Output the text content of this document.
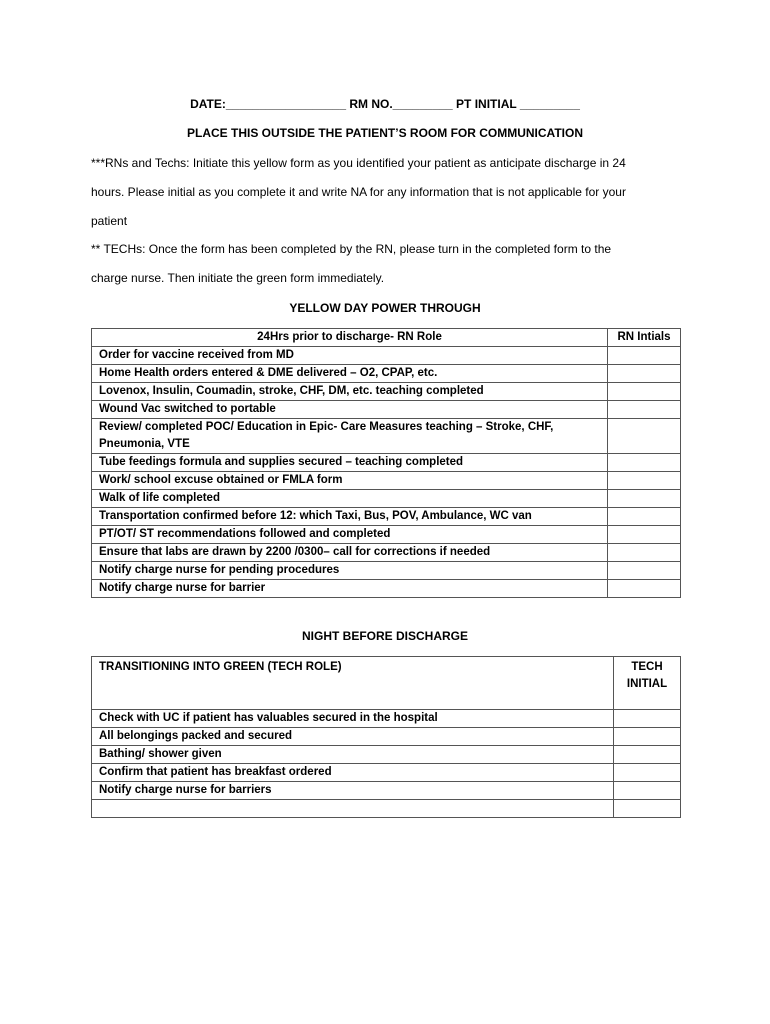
DATE:__________________ RM NO._________ PT INITIAL _________
PLACE THIS OUTSIDE THE PATIENT’S ROOM FOR COMMUNICATION
***RNs and Techs: Initiate this yellow form as you identified your patient as anticipate discharge in 24
hours. Please initial as you complete it and write NA for any information that is not applicable for your
patient
** TECHs: Once the form has been completed by the RN, please turn in the completed form to the
charge nurse. Then initiate the green form immediately.
YELLOW DAY POWER THROUGH
24Hrs prior to discharge- RN Role	RN Intials
Order for vaccine received from MD	
Home Health orders entered & DME delivered – O2, CPAP, etc.	
Lovenox, Insulin, Coumadin, stroke, CHF, DM, etc. teaching completed	
Wound Vac switched to portable	

Review/ completed POC/ Education in Epic- Care Measures teaching – Stroke, CHF,
Pneumonia, VTE	

Tube feedings formula and supplies secured – teaching completed	
Work/ school excuse obtained or FMLA form	
Walk of life completed	
Transportation confirmed before 12: which Taxi, Bus, POV, Ambulance, WC van	
PT/OT/ ST recommendations followed and completed	
Ensure that labs are drawn by 2200 /0300– call for corrections if needed	
Notify charge nurse for pending procedures	
Notify charge nurse for barrier	
NIGHT BEFORE DISCHARGE
TRANSITIONING INTO GREEN (TECH ROLE)	TECH
INITIAL

Check with UC if patient has valuables secured in the hospital	
All belongings packed and secured	
Bathing/ shower given	
Confirm that patient has breakfast ordered	
Notify charge nurse for barriers	
